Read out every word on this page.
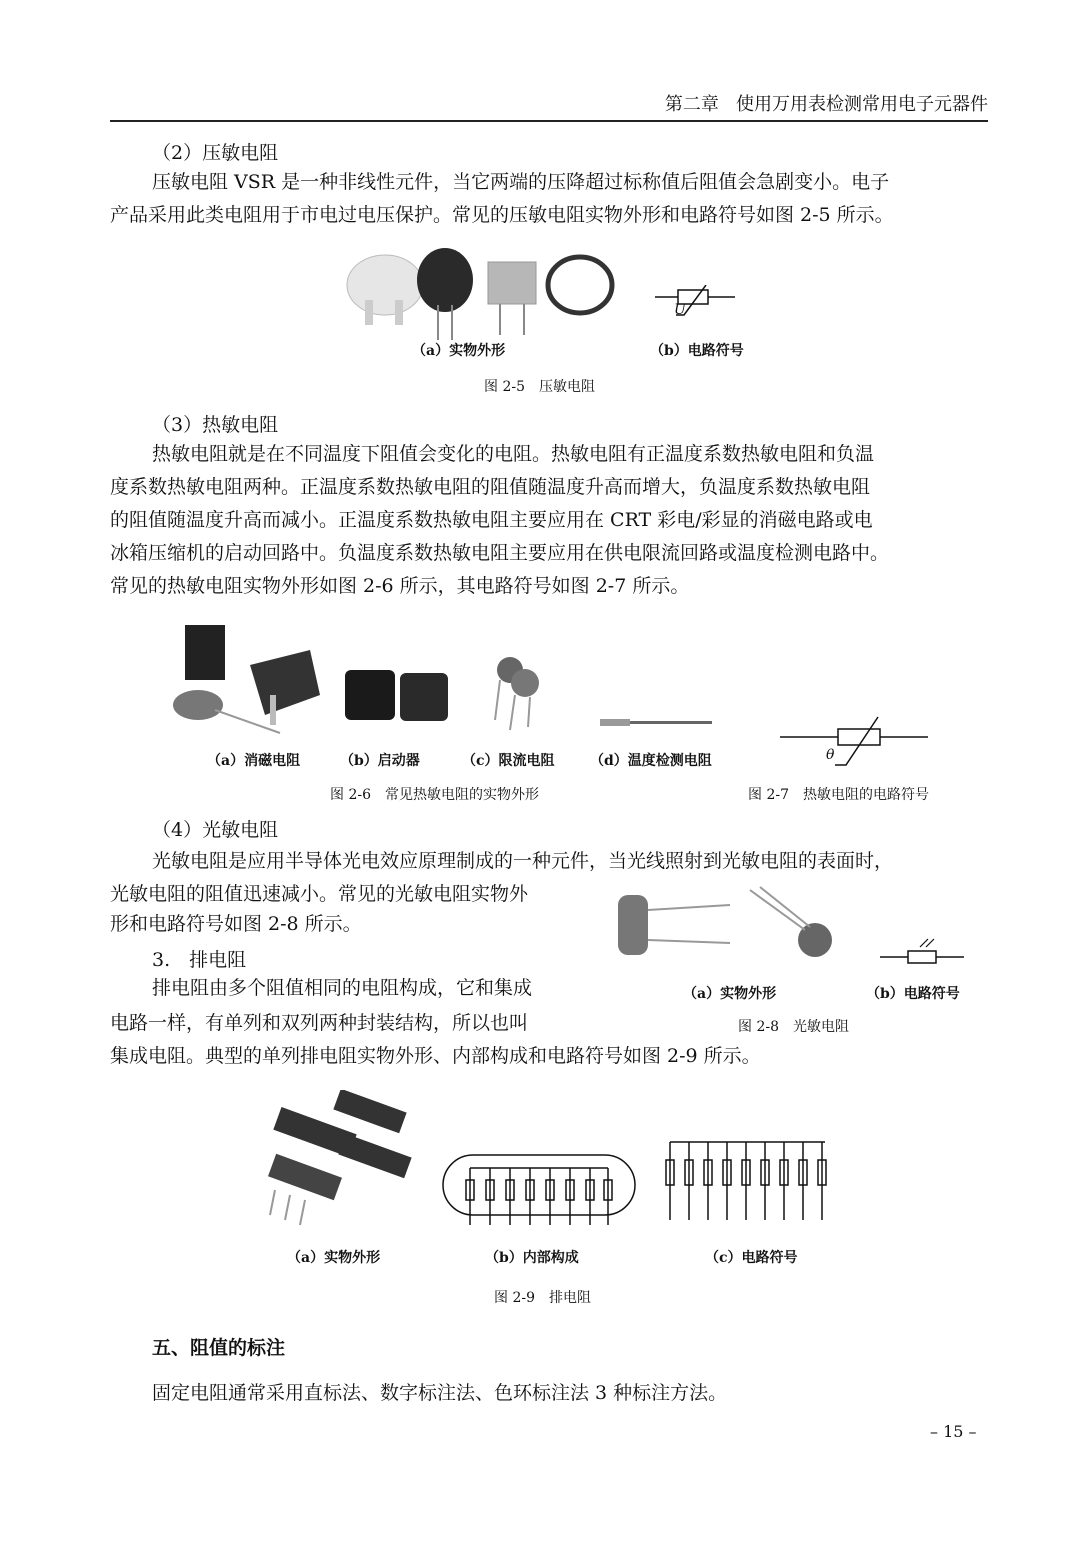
第二章 使用万用表检测常用电子元器件
（2）压敏电阻
压敏电阻 VSR 是一种非线性元件，当它两端的压降超过标称值后阻值会急剧变小。电子
产品采用此类电阻用于市电过电压保护。常见的压敏电阻实物外形和电路符号如图 2-5 所示。
U
（a）实物外形	（b）电路符号
图 2-5　压敏电阻
（3）热敏电阻
热敏电阻就是在不同温度下阻值会变化的电阻。热敏电阻有正温度系数热敏电阻和负温
度系数热敏电阻两种。正温度系数热敏电阻的阻值随温度升高而增大，负温度系数热敏电阻
的阻值随温度升高而减小。正温度系数热敏电阻主要应用在 CRT 彩电/彩显的消磁电路或电
冰箱压缩机的启动回路中。负温度系数热敏电阻主要应用在供电限流回路或温度检测电路中。
常见的热敏电阻实物外形如图 2-6 所示，其电路符号如图 2-7 所示。
θ
（a）消磁电阻	（b）启动器	（c）限流电阻	（d）温度检测电阻
图 2-6　常见热敏电阻的实物外形	图 2-7　热敏电阻的电路符号
（4）光敏电阻
光敏电阻是应用半导体光电效应原理制成的一种元件，当光线照射到光敏电阻的表面时，
光敏电阻的阻值迅速减小。常见的光敏电阻实物外
形和电路符号如图 2-8 所示。
（a）实物外形	（b）电路符号
图 2-8　光敏电阻
3.　排电阻
排电阻由多个阻值相同的电阻构成，它和集成
电路一样，有单列和双列两种封装结构，所以也叫
集成电阻。典型的单列排电阻实物外形、内部构成和电路符号如图 2-9 所示。
（a）实物外形	（b）内部构成	（c）电路符号
图 2-9　排电阻
五、阻值的标注
固定电阻通常采用直标法、数字标注法、色环标注法 3 种标注方法。
– 15 –
